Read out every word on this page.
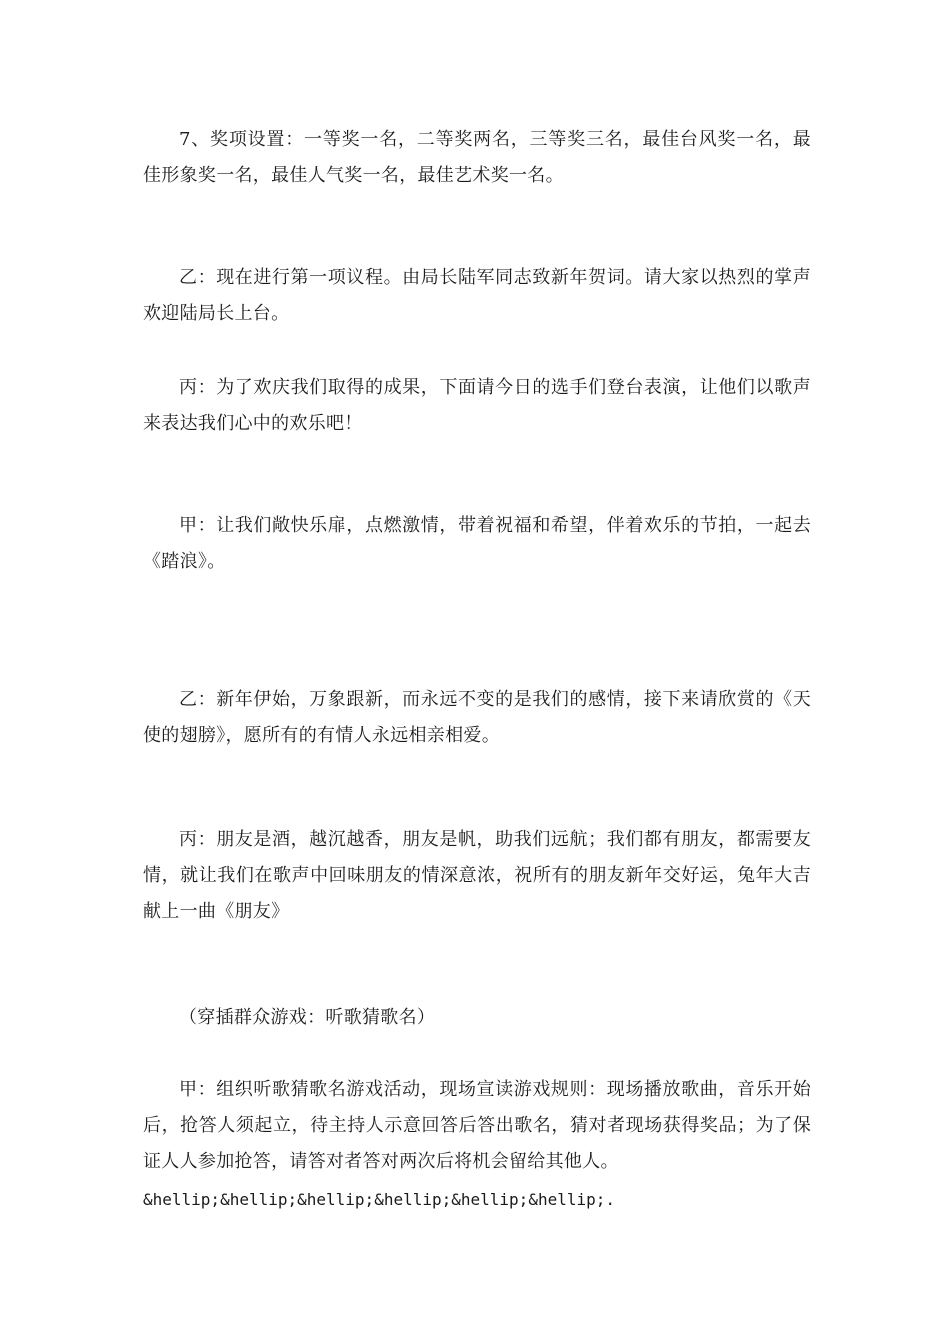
7、奖项设置：一等奖一名，二等奖两名，三等奖三名，最佳台风奖一名，最佳形象奖一名，最佳人气奖一名，最佳艺术奖一名。

乙：现在进行第一项议程。由局长陆军同志致新年贺词。请大家以热烈的掌声欢迎陆局长上台。

丙：为了欢庆我们取得的成果，下面请今日的选手们登台表演，让他们以歌声来表达我们心中的欢乐吧！

甲：让我们敞快乐扉，点燃激情，带着祝福和希望，伴着欢乐的节拍，一起去《踏浪》。

乙：新年伊始，万象跟新，而永远不变的是我们的感情，接下来请欣赏的《天使的翅膀》，愿所有的有情人永远相亲相爱。

丙：朋友是酒，越沉越香，朋友是帆，助我们远航；我们都有朋友，都需要友情，就让我们在歌声中回味朋友的情深意浓，祝所有的朋友新年交好运，兔年大吉 献上一曲《朋友》

（穿插群众游戏：听歌猜歌名）

甲：组织听歌猜歌名游戏活动，现场宣读游戏规则：现场播放歌曲，音乐开始后，抢答人须起立，待主持人示意回答后答出歌名，猜对者现场获得奖品；为了保证人人参加抢答，请答对者答对两次后将机会留给其他人。

&hellip;&hellip;&hellip;&hellip;&hellip;&hellip;.
